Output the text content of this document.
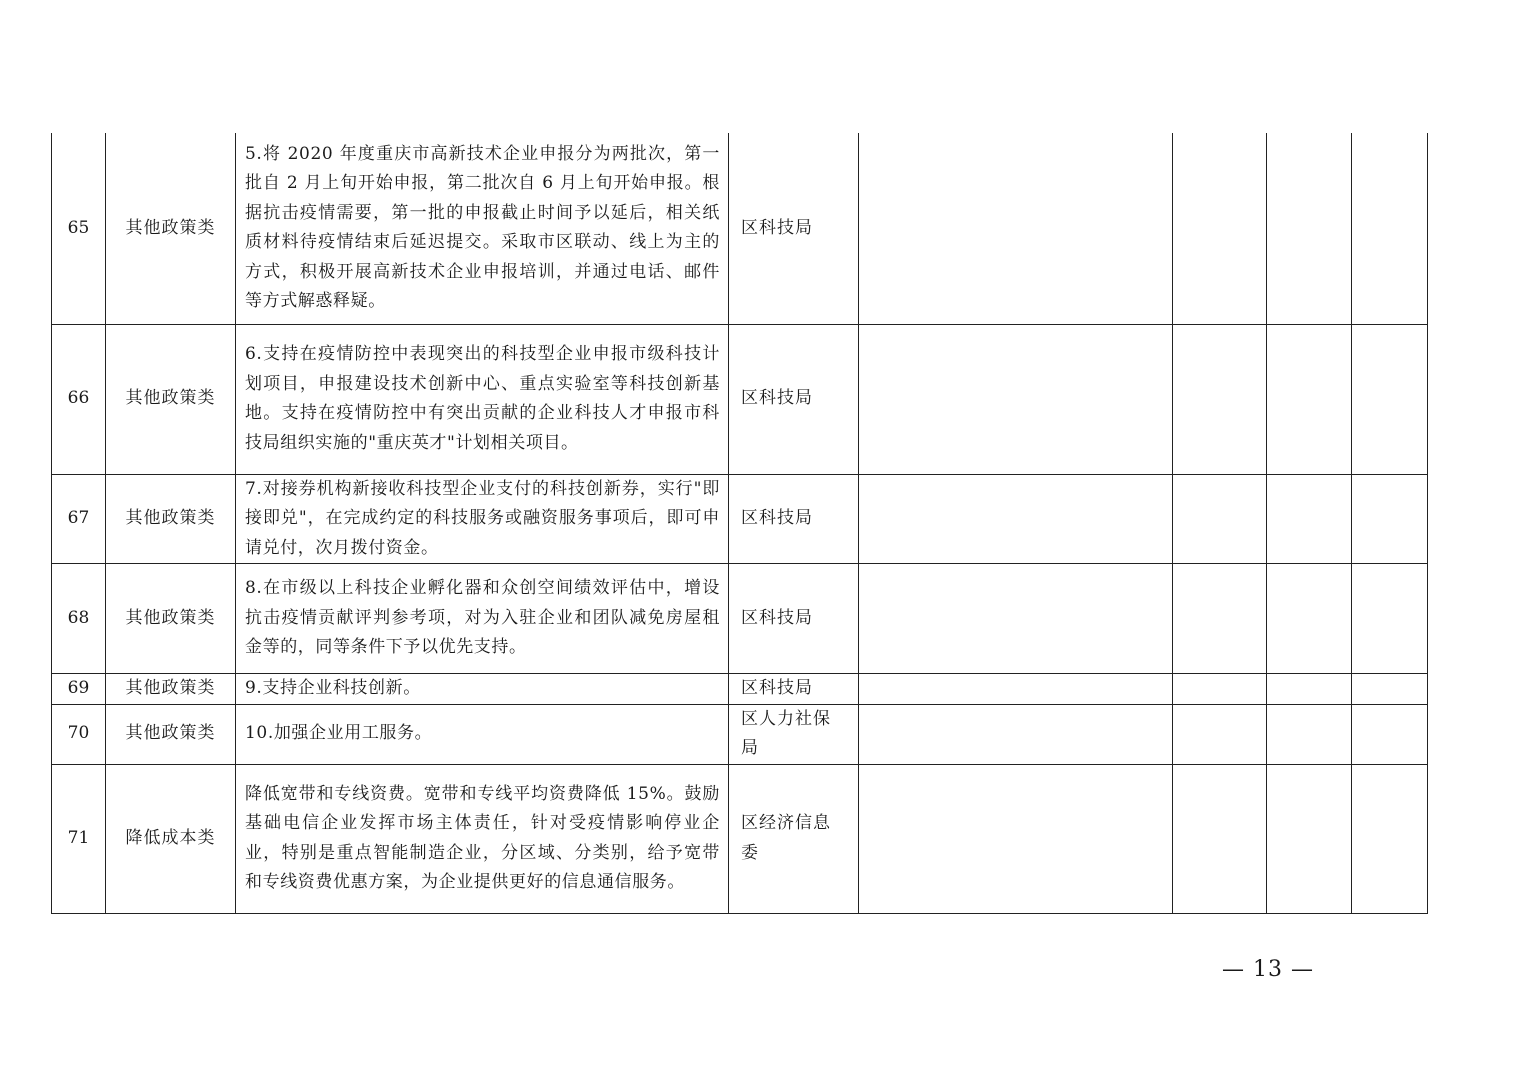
65	其他政策类	5.将 2020 年度重庆市高新技术企业申报分为两批次，第一批自 2 月上旬开始申报，第二批次自 6 月上旬开始申报。根据抗击疫情需要，第一批的申报截止时间予以延后，相关纸质材料待疫情结束后延迟提交。采取市区联动、线上为主的方式，积极开展高新技术企业申报培训，并通过电话、邮件等方式解惑释疑。	区科技局				
66	其他政策类	6.支持在疫情防控中表现突出的科技型企业申报市级科技计划项目，申报建设技术创新中心、重点实验室等科技创新基地。支持在疫情防控中有突出贡献的企业科技人才申报市科技局组织实施的"重庆英才"计划相关项目。	区科技局				
67	其他政策类	7.对接券机构新接收科技型企业支付的科技创新券，实行"即接即兑"，在完成约定的科技服务或融资服务事项后，即可申请兑付，次月拨付资金。	区科技局				
68	其他政策类	8.在市级以上科技企业孵化器和众创空间绩效评估中，增设抗击疫情贡献评判参考项，对为入驻企业和团队减免房屋租金等的，同等条件下予以优先支持。	区科技局				
69	其他政策类	9.支持企业科技创新。	区科技局				
70	其他政策类	10.加强企业用工服务。	区人力社保局				
71	降低成本类	降低宽带和专线资费。宽带和专线平均资费降低 15%。鼓励基础电信企业发挥市场主体责任，针对受疫情影响停业企业，特别是重点智能制造企业，分区域、分类别，给予宽带和专线资费优惠方案，为企业提供更好的信息通信服务。	区经济信息委				
— 13 —
